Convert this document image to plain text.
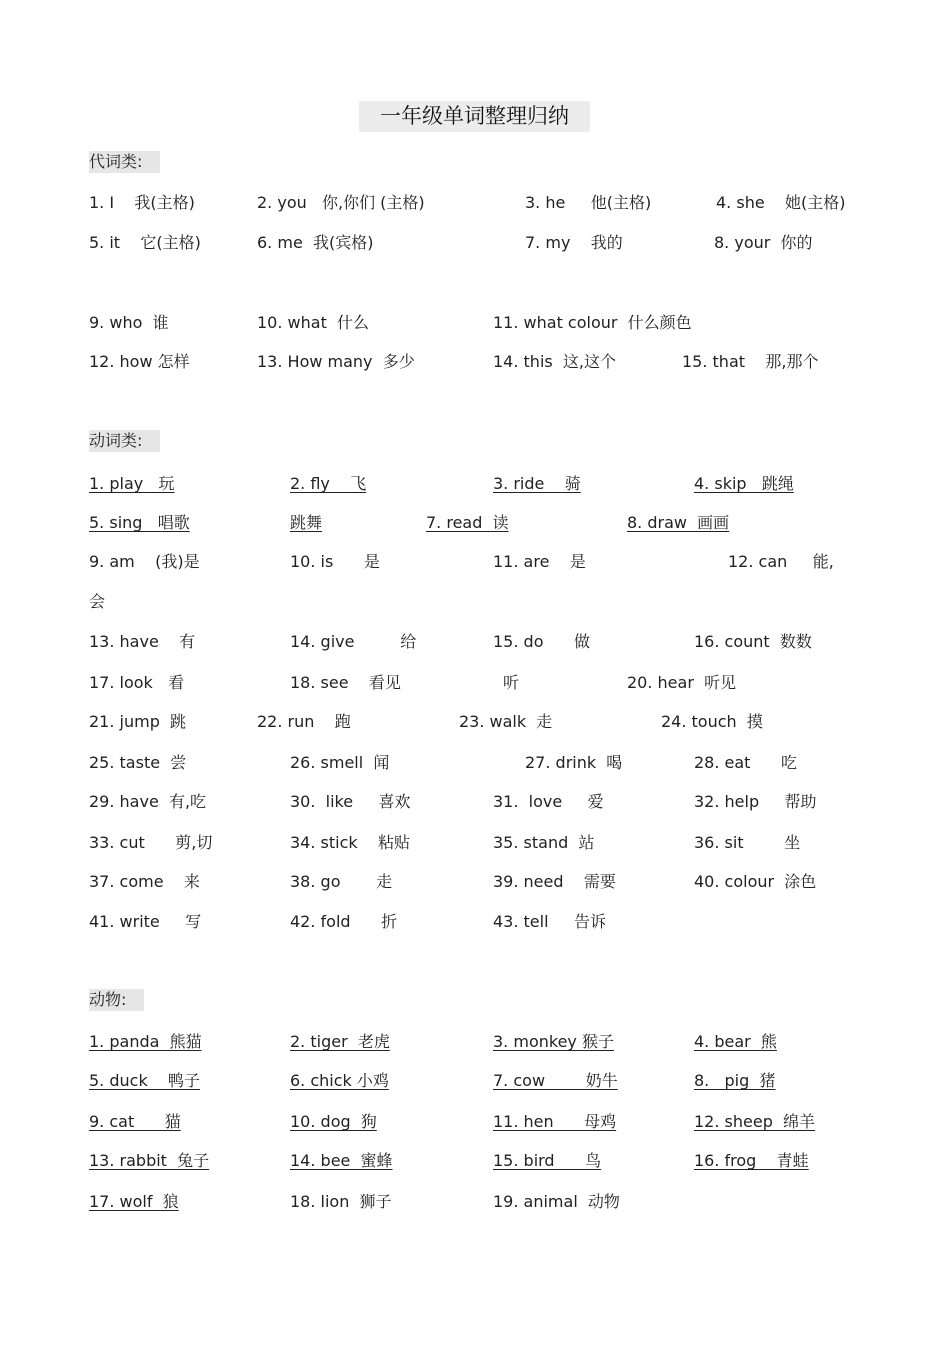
一年级单词整理归纳
代词类:
1. I    我(主格)	2. you   你,你们 (主格)	3. he     他(主格)	4. she    她(主格)
5. it    它(主格)	6. me  我(宾格)	7. my    我的	8. your  你的
9. who  谁	10. what  什么	11. what colour  什么颜色
12. how 怎样	13. How many  多少	14. this  这,这个	15. that    那,那个
动词类:
1. play   玩	2. fly    飞	3. ride    骑	4. skip   跳绳
5. sing   唱歌	跳舞	7. read  读	8. draw  画画
9. am    (我)是	10. is      是	11. are    是	12. can     能,
会
13. have    有	14. give         给	15. do      做	16. count  数数
17. look   看	18. see    看见	听	20. hear  听见
21. jump  跳	22. run    跑	23. walk  走	24. touch  摸
25. taste  尝	26. smell  闻	27. drink  喝	28. eat      吃
29. have  有,吃	30.  like     喜欢	31.  love     爱	32. help     帮助
33. cut      剪,切	34. stick    粘贴	35. stand  站	36. sit        坐
37. come    来	38. go       走	39. need    需要	40. colour  涂色
41. write     写	42. fold      折	43. tell     告诉
动物:
1. panda  熊猫	2. tiger  老虎	3. monkey 猴子	4. bear  熊
5. duck    鸭子	6. chick 小鸡	7. cow        奶牛	8.   pig  猪
9. cat      猫	10. dog  狗	11. hen      母鸡	12. sheep  绵羊
13. rabbit  兔子	14. bee  蜜蜂	15. bird      鸟	16. frog    青蛙
17. wolf  狼	18. lion  狮子	19. animal  动物
